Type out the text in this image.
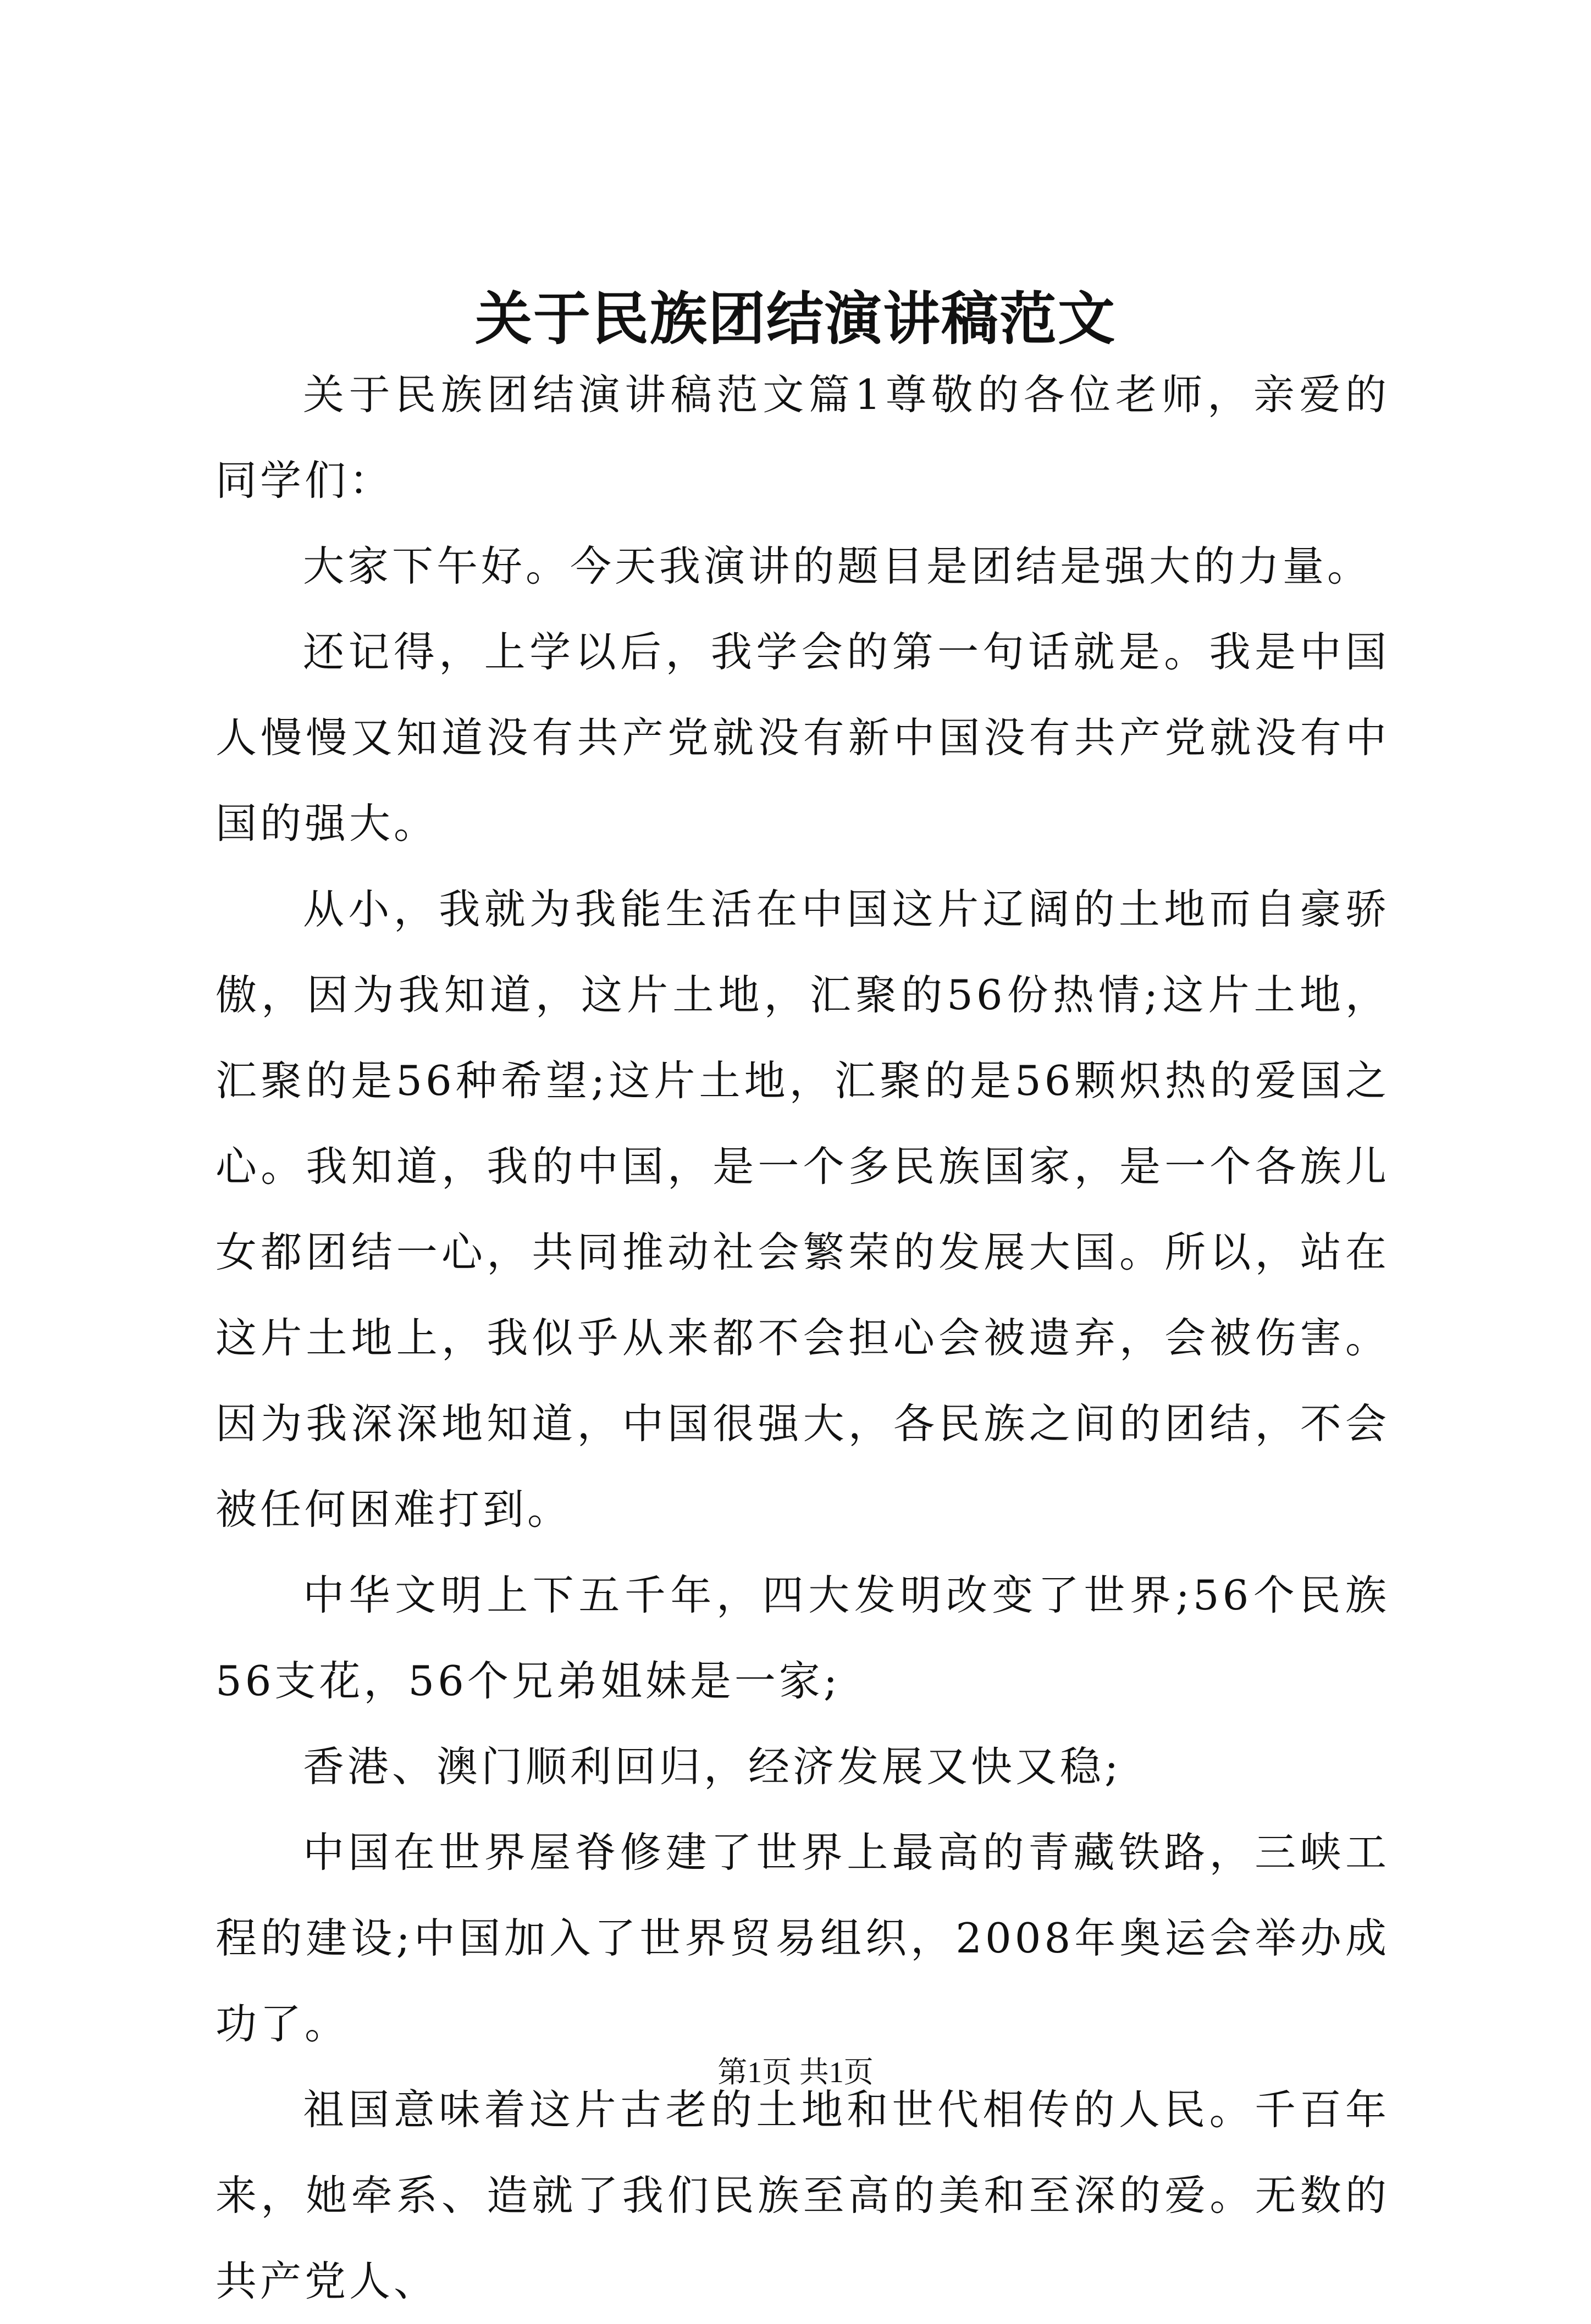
关于民族团结演讲稿范文

关于民族团结演讲稿范文篇1尊敬的各位老师，亲爱的同学们：

大家下午好。今天我演讲的题目是团结是强大的力量。

还记得，上学以后，我学会的第一句话就是。我是中国人慢慢又知道没有共产党就没有新中国没有共产党就没有中国的强大。

从小，我就为我能生活在中国这片辽阔的土地而自豪骄傲，因为我知道，这片土地，汇聚的56份热情;这片土地，汇聚的是56种希望;这片土地，汇聚的是56颗炽热的爱国之心。我知道，我的中国，是一个多民族国家，是一个各族儿女都团结一心，共同推动社会繁荣的发展大国。所以，站在这片土地上，我似乎从来都不会担心会被遗弃，会被伤害。因为我深深地知道，中国很强大，各民族之间的团结，不会被任何困难打到。

中华文明上下五千年，四大发明改变了世界;56个民族56支花，56个兄弟姐妹是一家;

香港、澳门顺利回归，经济发展又快又稳;

中国在世界屋脊修建了世界上最高的青藏铁路，三峡工程的建设;中国加入了世界贸易组织，2008年奥运会举办成功了。

祖国意味着这片古老的土地和世代相传的人民。千百年来，她牵系、造就了我们民族至高的美和至深的爱。无数的共产党人、

第1页 共1页
